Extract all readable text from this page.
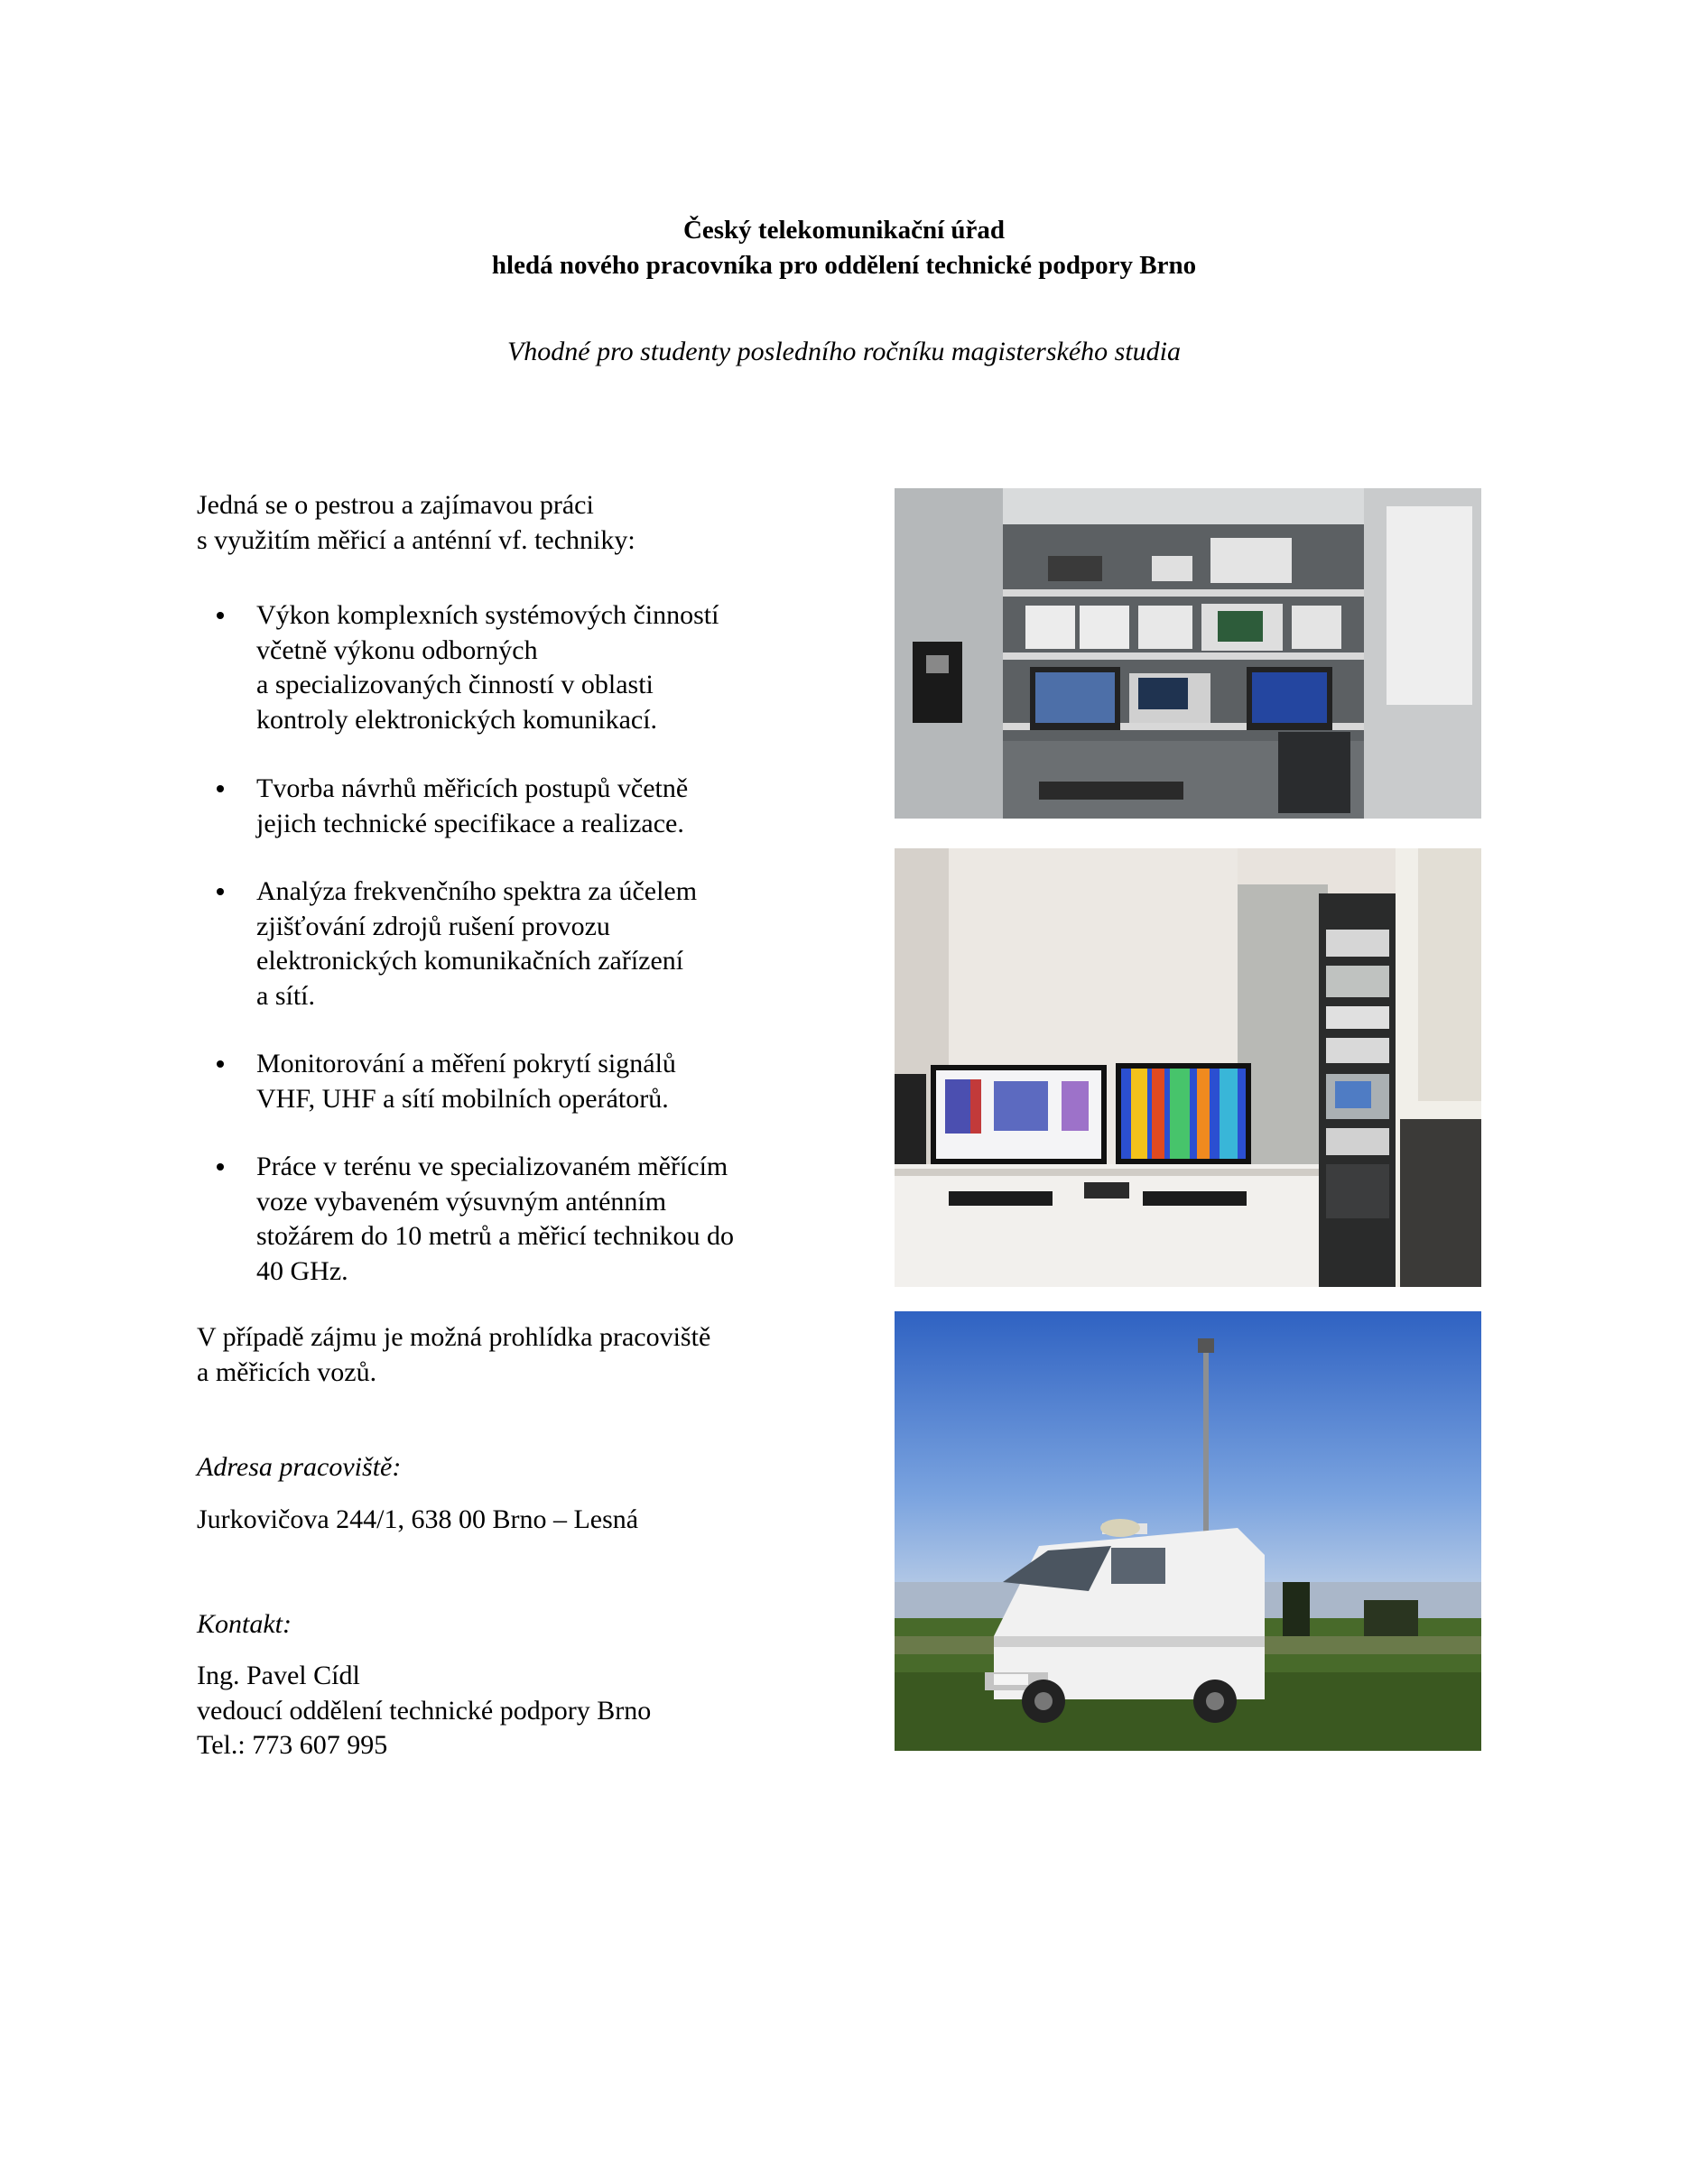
Český telekomunikační úřad
hledá nového pracovníka pro oddělení technické podpory Brno
Vhodné pro studenty posledního ročníku magisterského studia
Jedná se o pestrou a zajímavou práci
s využitím měřicí a anténní vf. techniky:
Výkon komplexních systémových činností
včetně výkonu odborných
a specializovaných činností v oblasti
kontroly elektronických komunikací.
Tvorba návrhů měřicích postupů včetně
jejich technické specifikace a realizace.
Analýza frekvenčního spektra za účelem
zjišťování zdrojů rušení provozu
elektronických komunikačních zařízení
a sítí.
Monitorování a měření pokrytí signálů
VHF, UHF a sítí mobilních operátorů.
Práce v terénu ve specializovaném měřícím
voze vybaveném výsuvným anténním
stožárem do 10 metrů a měřicí technikou do
40 GHz.
V případě zájmu je možná prohlídka pracoviště
a měřicích vozů.
Adresa pracoviště:
Jurkovičova 244/1, 638 00 Brno – Lesná
Kontakt:
Ing. Pavel Cídl
vedoucí oddělení technické podpory Brno
Tel.: 773 607 995
